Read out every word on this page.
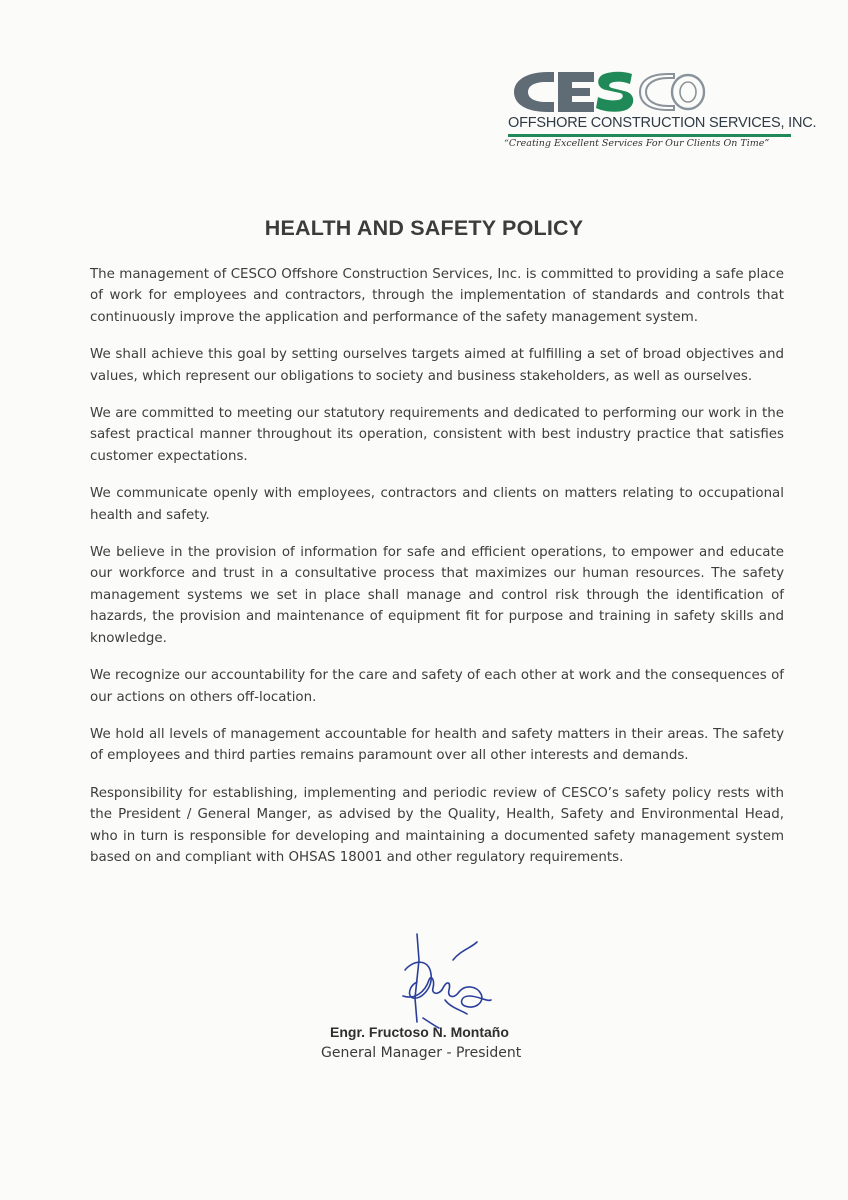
OFFSHORE CONSTRUCTION SERVICES, INC.
“Creating Excellent Services For Our Clients On Time”
HEALTH AND SAFETY POLICY

The management of CESCO Offshore Construction Services, Inc. is committed to providing a safe place of work for employees and contractors, through the implementation of standards and controls that continuously improve the application and performance of the safety management system.

We shall achieve this goal by setting ourselves targets aimed at fulfilling a set of broad objectives and values, which represent our obligations to society and business stakeholders, as well as ourselves.

We are committed to meeting our statutory requirements and dedicated to performing our work in the safest practical manner throughout its operation, consistent with best industry practice that satisfies customer expectations.

We communicate openly with employees, contractors and clients on matters relating to occupational health and safety.

We believe in the provision of information for safe and efficient operations, to empower and educate our workforce and trust in a consultative process that maximizes our human resources. The safety management systems we set in place shall manage and control risk through the identification of hazards, the provision and maintenance of equipment fit for purpose and training in safety skills and knowledge.

We recognize our accountability for the care and safety of each other at work and the consequences of our actions on others off-location.

We hold all levels of management accountable for health and safety matters in their areas. The safety of employees and third parties remains paramount over all other interests and demands.

Responsibility for establishing, implementing and periodic review of CESCO’s safety policy rests with the President / General Manger, as advised by the Quality, Health, Safety and Environmental Head, who in turn is responsible for developing and maintaining a documented safety management system based on and compliant with OHSAS 18001 and other regulatory requirements.

Engr. Fructoso N. Montaño
General Manager - President
